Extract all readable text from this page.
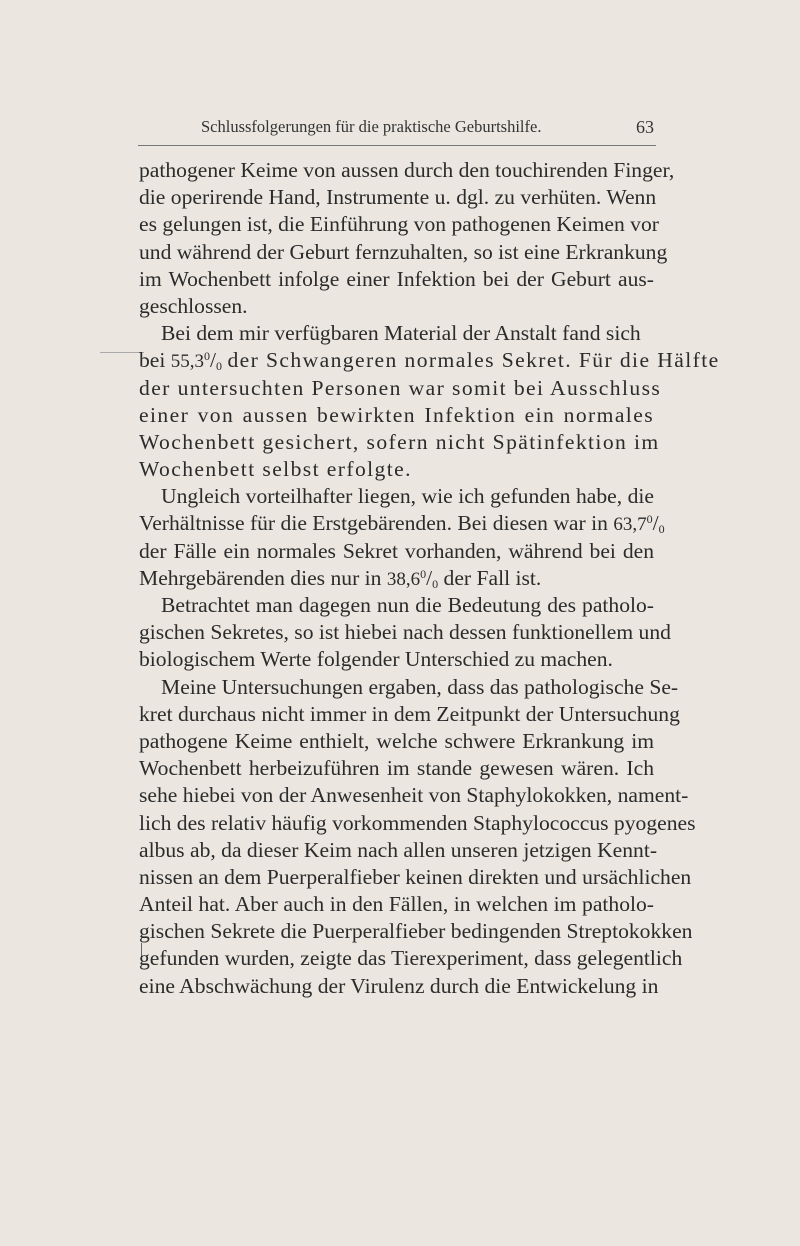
Schlussfolgerungen für die praktische Geburtshilfe.	63
pathogener Keime von aussen durch den touchirenden Finger,
die operirende Hand, Instrumente u. dgl. zu verhüten. Wenn
es gelungen ist, die Einführung von pathogenen Keimen vor
und während der Geburt fernzuhalten, so ist eine Erkrankung
im Wochenbett infolge einer Infektion bei der Geburt aus-
geschlossen.
Bei dem mir verfügbaren Material der Anstalt fand sich
bei $55,3^0/_0$ der Schwangeren normales Sekret. Für die Hälfte
der untersuchten Personen war somit bei Ausschluss
einer von aussen bewirkten Infektion ein normales
Wochenbett gesichert, sofern nicht Spätinfektion im
Wochenbett selbst erfolgte.
Ungleich vorteilhafter liegen, wie ich gefunden habe, die
Verhältnisse für die Erstgebärenden. Bei diesen war in $63,7^0/_0$
der Fälle ein normales Sekret vorhanden, während bei den
Mehrgebärenden dies nur in $38,6^0/_0$ der Fall ist.
Betrachtet man dagegen nun die Bedeutung des patholo-
gischen Sekretes, so ist hiebei nach dessen funktionellem und
biologischem Werte folgender Unterschied zu machen.
Meine Untersuchungen ergaben, dass das pathologische Se-
kret durchaus nicht immer in dem Zeitpunkt der Untersuchung
pathogene Keime enthielt, welche schwere Erkrankung im
Wochenbett herbeizuführen im stande gewesen wären. Ich
sehe hiebei von der Anwesenheit von Staphylokokken, nament-
lich des relativ häufig vorkommenden Staphylococcus pyogenes
albus ab, da dieser Keim nach allen unseren jetzigen Kennt-
nissen an dem Puerperalfieber keinen direkten und ursächlichen
Anteil hat. Aber auch in den Fällen, in welchen im patholo-
gischen Sekrete die Puerperalfieber bedingenden Streptokokken
gefunden wurden, zeigte das Tierexperiment, dass gelegentlich
eine Abschwächung der Virulenz durch die Entwickelung in
